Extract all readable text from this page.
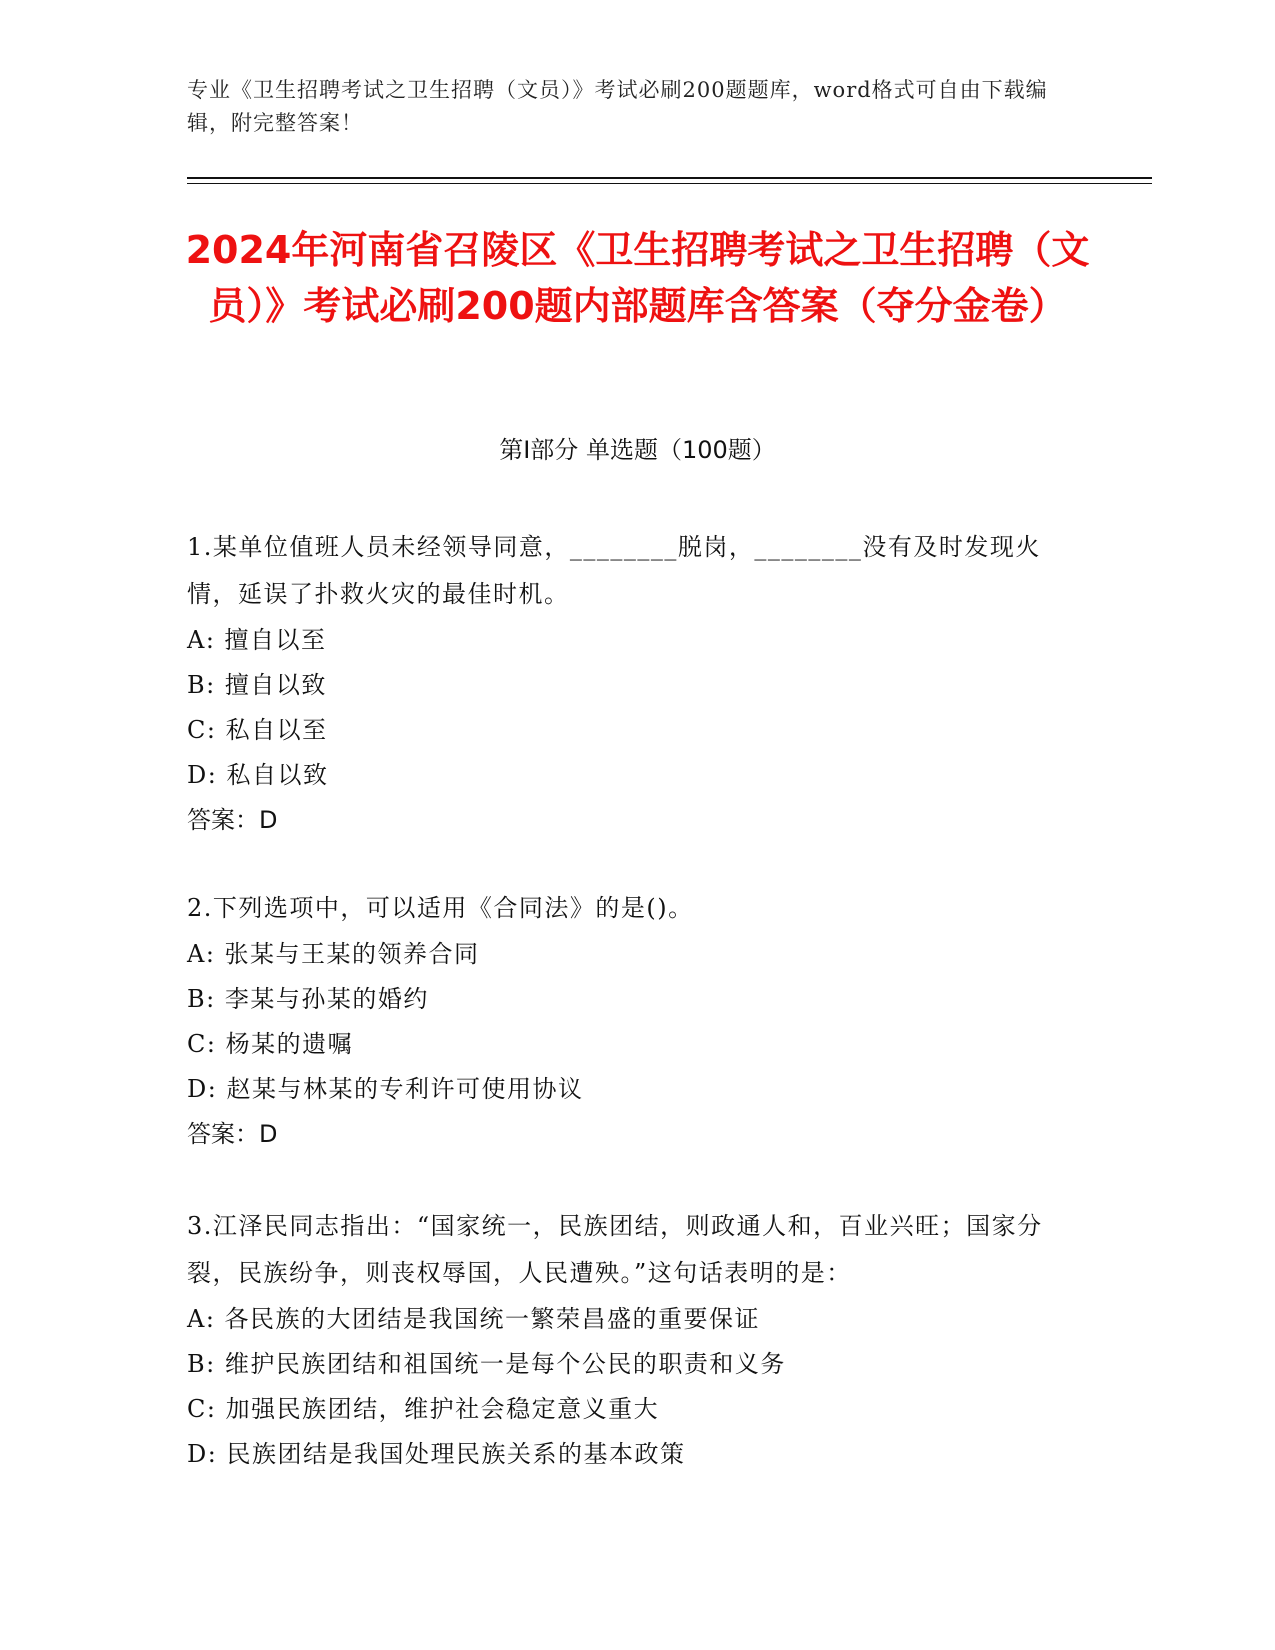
专业《卫生招聘考试之卫生招聘（文员）》考试必刷200题题库，word格式可自由下载编辑，附完整答案！
2024年河南省召陵区《卫生招聘考试之卫生招聘（文员）》考试必刷200题内部题库含答案（夺分金卷）
第Ⅰ部分 单选题（100题）

1.某单位值班人员未经领导同意，________脱岗，________没有及时发现火情，延误了扑救火灾的最佳时机。

A: 擅自以至

B: 擅自以致

C: 私自以至

D: 私自以致

答案：D

2.下列选项中，可以适用《合同法》的是()。

A: 张某与王某的领养合同

B: 李某与孙某的婚约

C: 杨某的遗嘱

D: 赵某与林某的专利许可使用协议

答案：D

3.江泽民同志指出：“国家统一，民族团结，则政通人和，百业兴旺；国家分裂，民族纷争，则丧权辱国，人民遭殃。”这句话表明的是：

A: 各民族的大团结是我国统一繁荣昌盛的重要保证

B: 维护民族团结和祖国统一是每个公民的职责和义务

C: 加强民族团结，维护社会稳定意义重大

D: 民族团结是我国处理民族关系的基本政策
